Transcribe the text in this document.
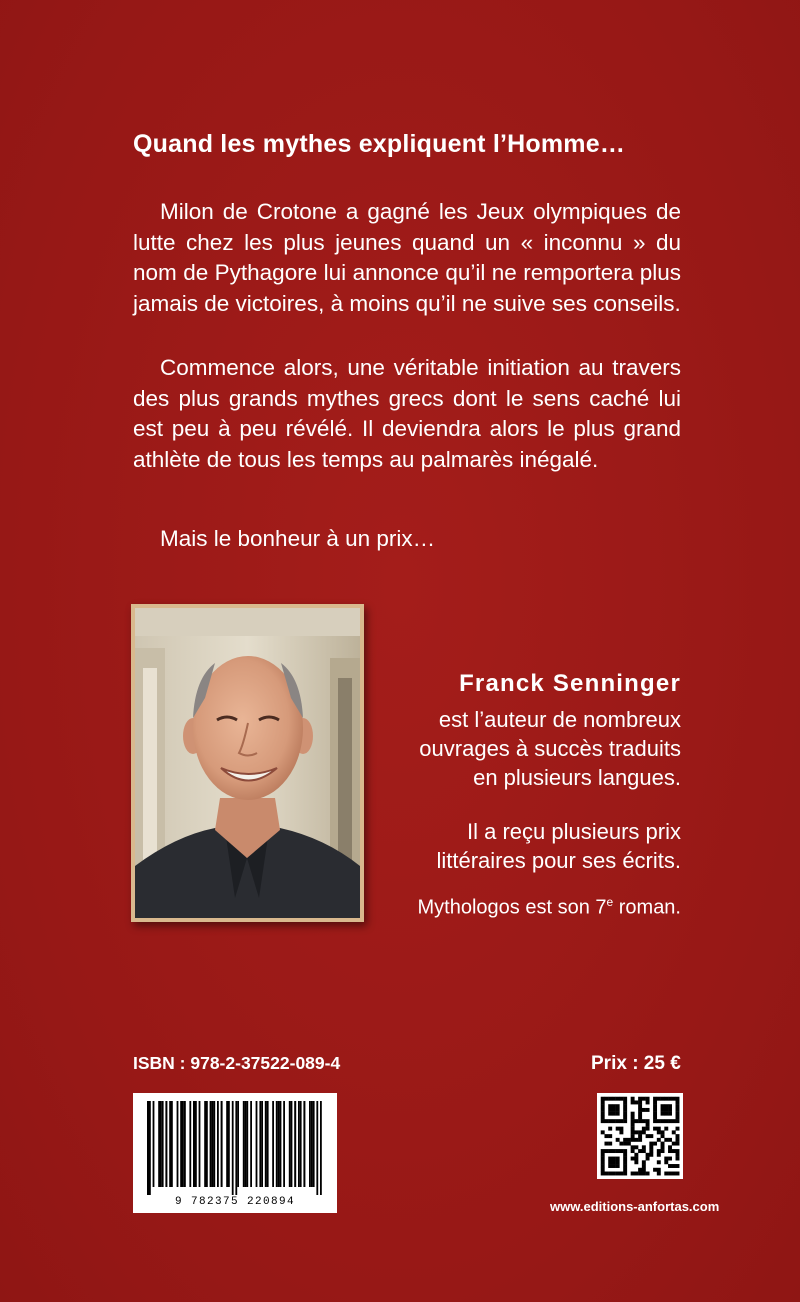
Quand les mythes expliquent l’Homme…
Milon de Crotone a gagné les Jeux olympiques de lutte chez les plus jeunes quand un « inconnu » du nom de Pythagore lui annonce qu’il ne remportera plus jamais de victoires, à moins qu’il ne suive ses conseils.
Commence alors, une véritable initiation au travers des plus grands mythes grecs dont le sens caché lui est peu à peu révélé. Il deviendra alors le plus grand athlète de tous les temps au palmarès inégalé.
Mais le bonheur à un prix…
Franck Senninger
est l’auteur de nombreux
ouvrages à succès traduits
en plusieurs langues.
Il a reçu plusieurs prix
littéraires pour ses écrits.
Mythologos est son 7e roman.
ISBN : 978-2-37522-089-4	Prix : 25 €
9 782375 220894	www.editions-anfortas.com
